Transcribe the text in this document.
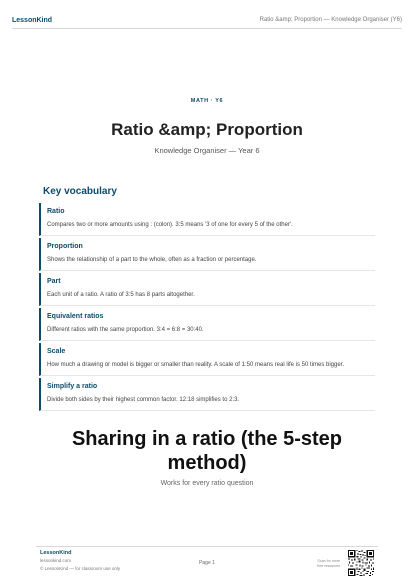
LessonKind	Ratio &amp; Proportion — Knowledge Organiser (Y6)
MATH · Y6
Ratio &amp; Proportion
Knowledge Organiser — Year 6
Key vocabulary
Ratio
Compares two or more amounts using : (colon). 3:5 means '3 of one for every 5 of the other'.
Proportion
Shows the relationship of a part to the whole, often as a fraction or percentage.
Part
Each unit of a ratio. A ratio of 3:5 has 8 parts altogether.
Equivalent ratios
Different ratios with the same proportion. 3:4 = 6:8 = 30:40.
Scale
How much a drawing or model is bigger or smaller than reality. A scale of 1:50 means real life is 50 times bigger.
Simplify a ratio
Divide both sides by their highest common factor. 12:18 simplifies to 2:3.
Sharing in a ratio (the 5-step method)
Works for every ratio question
LessonKind
lessonkind.com
© LessonKind — for classroom use only
Page 1	Scan for more free resources
